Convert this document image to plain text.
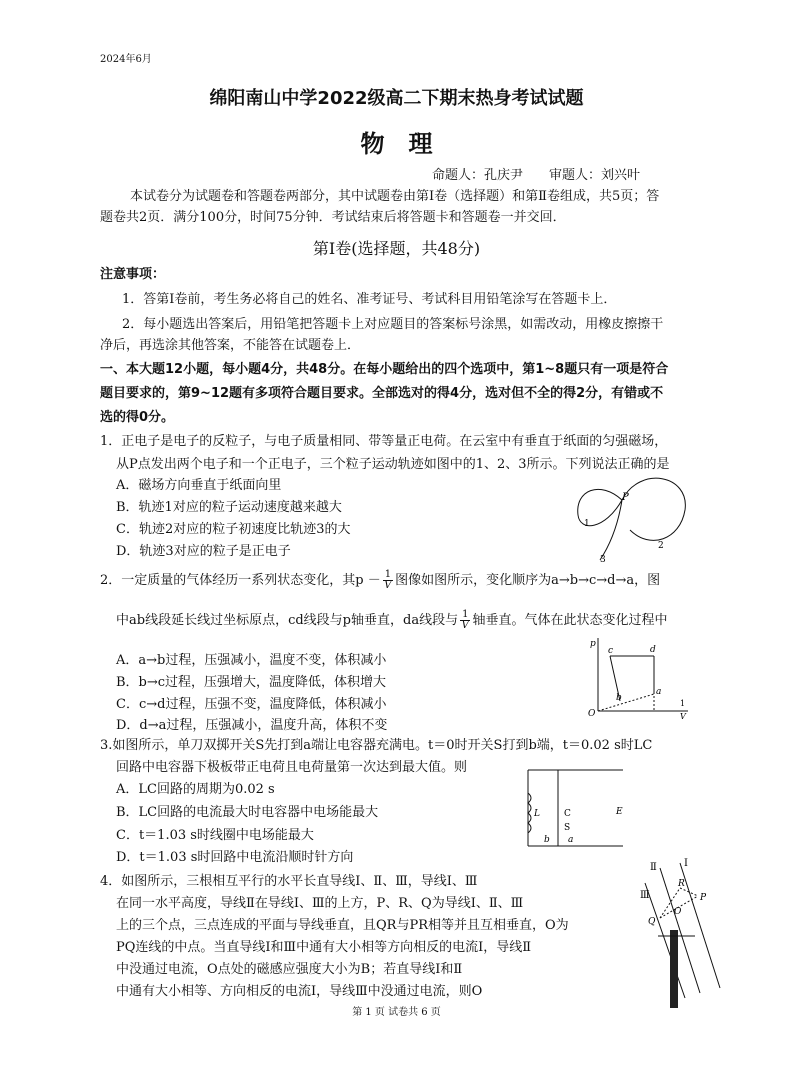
2024年6月
绵阳南山中学2022级高二下期末热身考试试题
物　理
命题人：孔庆尹　　审题人：刘兴叶
本试卷分为试题卷和答题卷两部分，其中试题卷由第Ⅰ卷（选择题）和第Ⅱ卷组成，共5页；答
题卷共2页．满分100分，时间75分钟．考试结束后将答题卡和答题卷一并交回．
第Ⅰ卷(选择题，共48分)
注意事项：
1．答第Ⅰ卷前，考生务必将自己的姓名、准考证号、考试科目用铅笔涂写在答题卡上．
2．每小题选出答案后，用铅笔把答题卡上对应题目的答案标号涂黑，如需改动，用橡皮擦擦干
净后，再选涂其他答案，不能答在试题卷上．
一、本大题12小题，每小题4分，共48分。在每小题给出的四个选项中，第1~8题只有一项是符合
题目要求的，第9~12题有多项符合题目要求。全部选对的得4分，选对但不全的得2分，有错或不
选的得0分。
1．正电子是电子的反粒子，与电子质量相同、带等量正电荷。在云室中有垂直于纸面的匀强磁场，
从P点发出两个电子和一个正电子，三个粒子运动轨迹如图中的1、2、3所示。下列说法正确的是
A．磁场方向垂直于纸面向里
B．轨迹1对应的粒子运动速度越来越大
C．轨迹2对应的粒子初速度比轨迹3的大
D．轨迹3对应的粒子是正电子
P
1
2
3
2．一定质量的气体经历一系列状态变化，其$p - \frac{1}{V}$ 图像如图所示，变化顺序为a→b→c→d→a，图
中ab线段延长线过坐标原点，cd线段与p轴垂直，da线段与 $\frac{1}{V}$ 轴垂直。气体在此状态变化过程中
A．a→b过程，压强减小，温度不变，体积减小
B．b→c过程，压强增大，温度降低，体积增大
C．c→d过程，压强不变，温度降低，体积减小
D．d→a过程，压强减小，温度升高，体积不变
p
c	d
b
a
O
1
V
3.如图所示，单刀双掷开关S先打到a端让电容器充满电。t＝0时开关S打到b端，t＝0.02 s时LC
回路中电容器下极板带正电荷且电荷量第一次达到最大值。则
A．LC回路的周期为0.02 s
B．LC回路的电流最大时电容器中电场能最大
C．t＝1.03 s时线圈中电场能最大
D．t＝1.03 s时回路中电流沿顺时针方向
L	C
S
b a
E
4．如图所示，三根相互平行的水平长直导线Ⅰ、Ⅱ、Ⅲ，导线Ⅰ、Ⅲ
在同一水平高度，导线Ⅱ在导线Ⅰ、Ⅲ的上方，P、R、Q为导线Ⅰ、Ⅱ、Ⅲ
上的三个点，三点连成的平面与导线垂直，且QR与PR相等并且互相垂直，O为
PQ连线的中点。当直导线Ⅰ和Ⅲ中通有大小相等方向相反的电流I，导线Ⅱ
中没通过电流，O点处的磁感应强度大小为B；若直导线Ⅰ和Ⅱ
中通有大小相等、方向相反的电流I，导线Ⅲ中没通过电流，则O
Ⅰ
Ⅱ
Ⅲ
R
P
Q
O
第 1 页 试卷共 6 页
